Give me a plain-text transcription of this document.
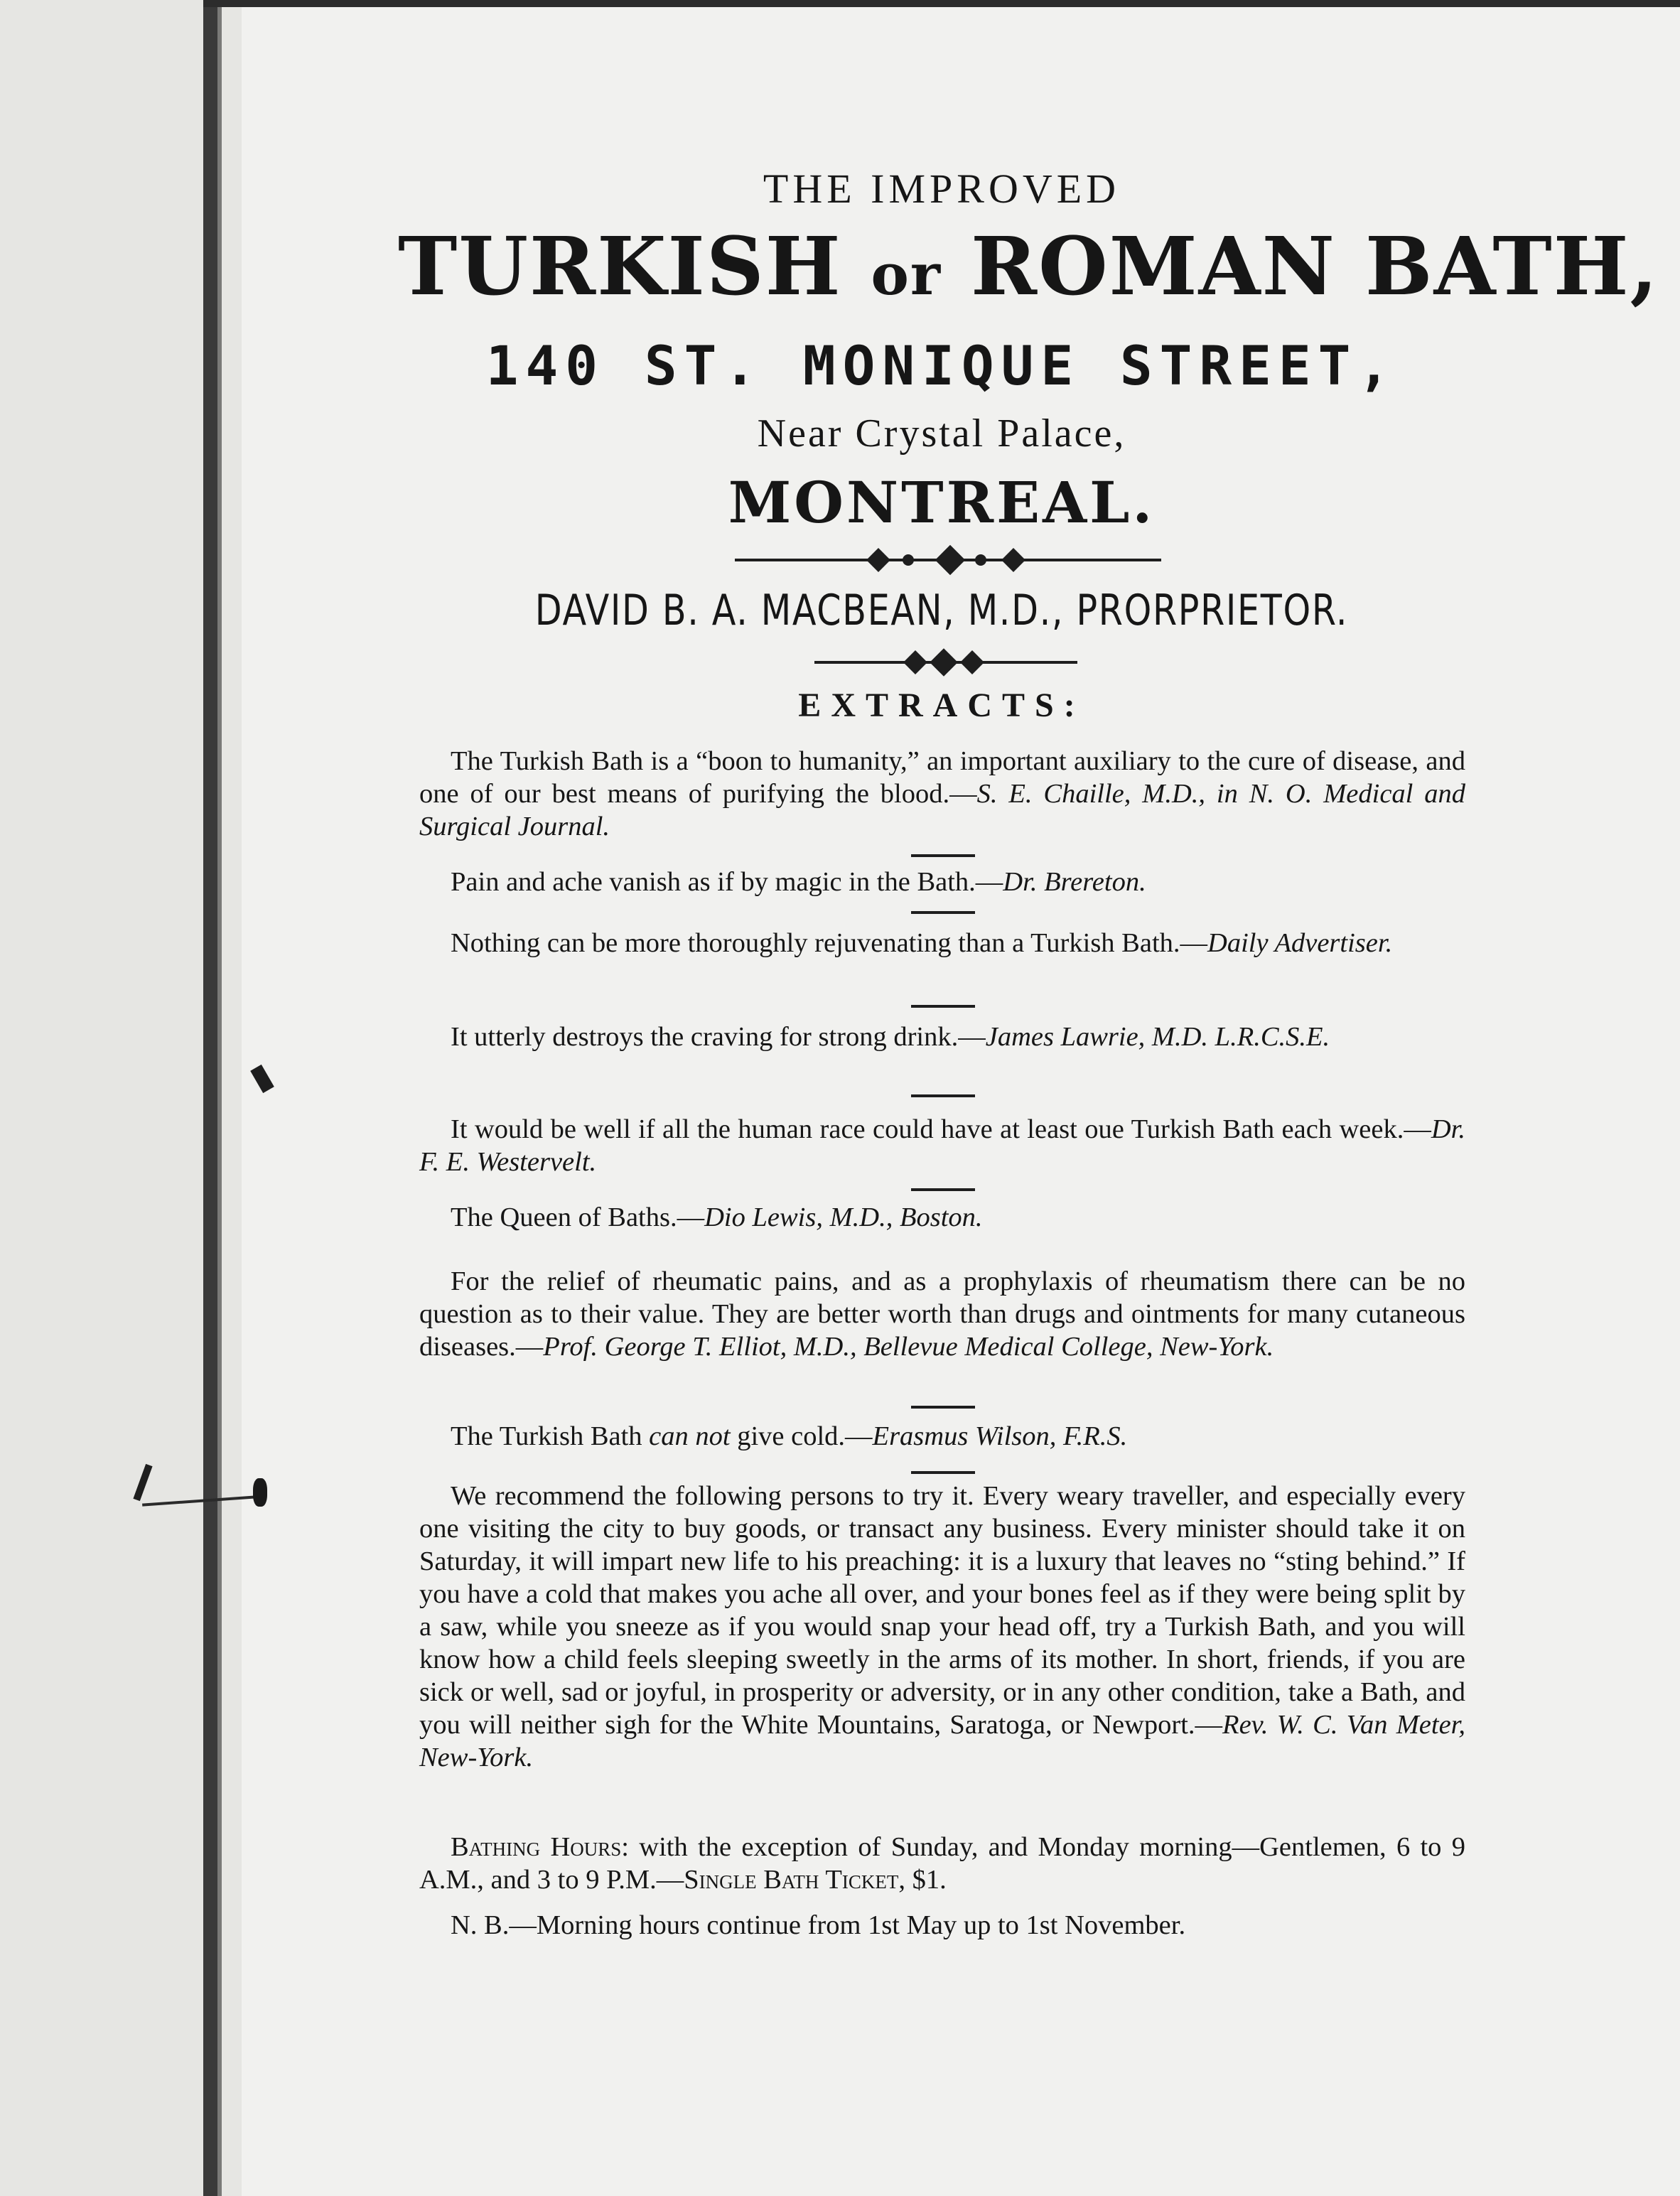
THE IMPROVED
TURKISH or ROMAN BATH,
140 ST. MONIQUE STREET,
Near Crystal Palace,
MONTREAL.
DAVID B. A. MACBEAN, M.D., PRORPRIETOR.
EXTRACTS:

The Turkish Bath is a “boon to humanity,” an important auxiliary to the cure of disease, and one of our best means of purifying the blood.—S. E. Chaille, M.D., in N. O. Medical and Surgical Journal.

Pain and ache vanish as if by magic in the Bath.—Dr. Brereton.

Nothing can be more thoroughly rejuvenating than a Turkish Bath.—Daily Advertiser.

It utterly destroys the craving for strong drink.—James Lawrie, M.D. L.R.C.S.E.

It would be well if all the human race could have at least oue Turkish Bath each week.—Dr. F. E. Westervelt.

The Queen of Baths.—Dio Lewis, M.D., Boston.

For the relief of rheumatic pains, and as a prophylaxis of rheumatism there can be no question as to their value. They are better worth than drugs and ointments for many cutaneous diseases.—Prof. George T. Elliot, M.D., Bellevue Medical College, New-York.

The Turkish Bath can not give cold.—Erasmus Wilson, F.R.S.

We recommend the following persons to try it. Every weary traveller, and especially every one visiting the city to buy goods, or transact any business. Every minister should take it on Saturday, it will impart new life to his preaching: it is a luxury that leaves no “sting behind.” If you have a cold that makes you ache all over, and your bones feel as if they were being split by a saw, while you sneeze as if you would snap your head off, try a Turkish Bath, and you will know how a child feels sleeping sweetly in the arms of its mother. In short, friends, if you are sick or well, sad or joyful, in prosperity or adversity, or in any other condition, take a Bath, and you will neither sigh for the White Mountains, Saratoga, or Newport.—Rev. W. C. Van Meter, New-York.

Bathing Hours: with the exception of Sunday, and Monday morning—Gentlemen, 6 to 9 A.M., and 3 to 9 P.M.—Single Bath Ticket, $1.

N. B.—Morning hours continue from 1st May up to 1st November.
